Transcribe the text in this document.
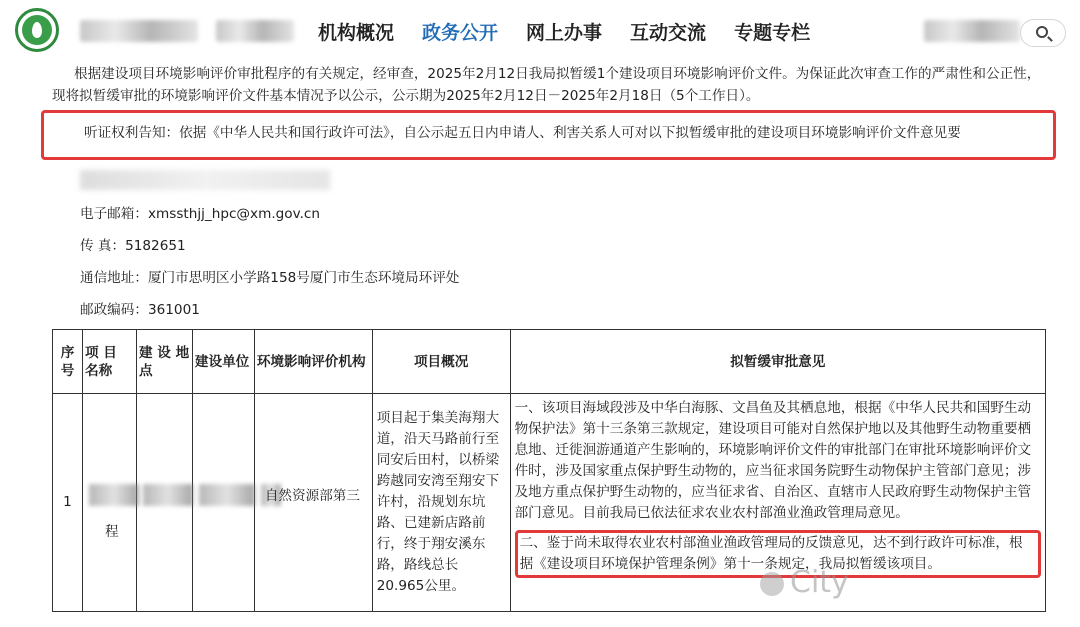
机构概况 政务公开 网上办事 互动交流 专题专栏

根据建设项目环境影响评价审批程序的有关规定，经审查，2025年2月12日我局拟暂缓1个建设项目环境影响评价文件。为保证此次审查工作的严肃性和公正性，现将拟暂缓审批的环境影响评价文件基本情况予以公示，公示期为2025年2月12日－2025年2月18日（5个工作日）。

听证权利告知：依据《中华人民共和国行政许可法》，自公示起五日内申请人、利害关系人可对以下拟暂缓审批的建设项目环境影响评价文件意见要
电子邮箱：xmssthjj_hpc@xm.gov.cn
传 真：5182651
通信地址：厦门市思明区小学路158号厦门市生态环境局环评处
邮政编码：361001
序号	项 目 名称	建 设 地点	建设单位	环境影响评价机构	项目概况	拟暂缓审批意见
1	程			自然资源部第三	项目起于集美海翔大道，沿天马路前行至同安后田村，以桥梁跨越同安湾至翔安下许村，沿规划东坑路、已建新店路前行，终于翔安溪东路，路线总长20.965公里。	一、该项目海域段涉及中华白海豚、文昌鱼及其栖息地，根据《中华人民共和国野生动物保护法》第十三条第三款规定，建设项目可能对自然保护地以及其他野生动物重要栖息地、迁徙洄游通道产生影响的，环境影响评价文件的审批部门在审批环境影响评价文件时，涉及国家重点保护野生动物的，应当征求国务院野生动物保护主管部门意见；涉及地方重点保护野生动物的，应当征求省、自治区、直辖市人民政府野生动物保护主管部门意见。目前我局已依法征求农业农村部渔业渔政管理局意见。

二、鉴于尚未取得农业农村部渔业渔政管理局的反馈意见，达不到行政许可标准，根据《建设项目环境保护管理条例》第十一条规定，我局拟暂缓该项目。

City
